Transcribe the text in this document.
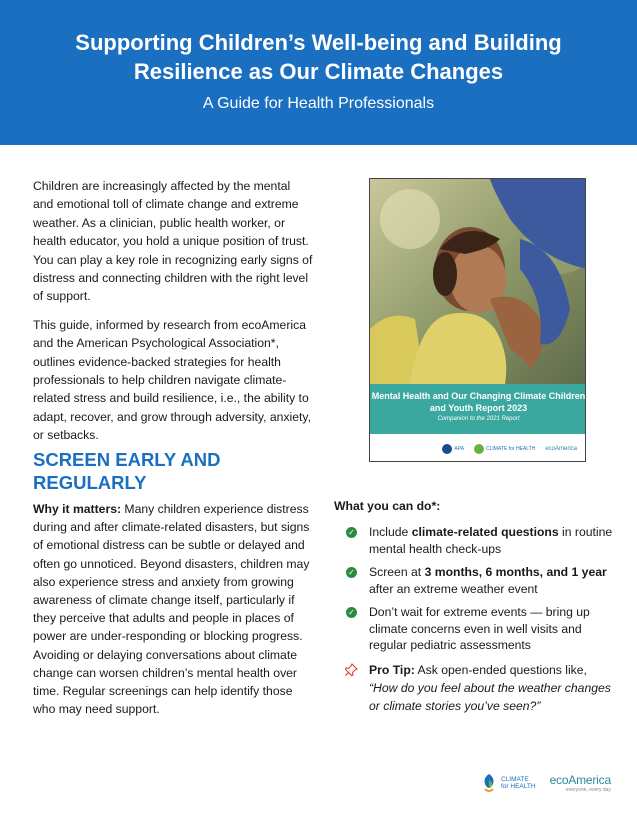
Supporting Children’s Well-being and Building Resilience as Our Climate Changes
A Guide for Health Professionals

Children are increasingly affected by the mental and emotional toll of climate change and extreme weather. As a clinician, public health worker, or health educator, you hold a unique position of trust. You can play a key role in recognizing early signs of distress and connecting children with the right level of support.

This guide, informed by research from ecoAmerica and the American Psychological Association*, outlines evidence-backed strategies for health professionals to help children navigate climate-related stress and build resilience, i.e., the ability to adapt, recover, and grow through adversity, anxiety, or setbacks.

Mental Health and Our Changing Climate Children and Youth Report 2023
Companion to the 2021 Report
APA	CLIMATE for HEALTH ecoAmerica
SCREEN EARLY AND REGULARLY
Why it matters: Many children experience distress during and after climate-related disasters, but signs of emotional distress can be subtle or delayed and often go unnoticed. Beyond disasters, children may also experience stress and anxiety from growing awareness of climate change itself, particularly if they perceive that adults and people in places of power are under-responding or blocking progress. Avoiding or delaying conversations about climate change can worsen children’s mental health over time. Regular screenings can help identify those who may need support.
What you can do*:
✓ Include climate-related questions in routine mental health check-ups
✓ Screen at 3 months, 6 months, and 1 year after an extreme weather event
✓ Don’t wait for extreme events — bring up climate concerns even in well visits and regular pediatric assessments
Pro Tip: Ask open-ended questions like,
“How do you feel about the weather changes or climate stories you’ve seen?”
CLIMATE
for HEALTH ecoAmerica
everyone, every day
